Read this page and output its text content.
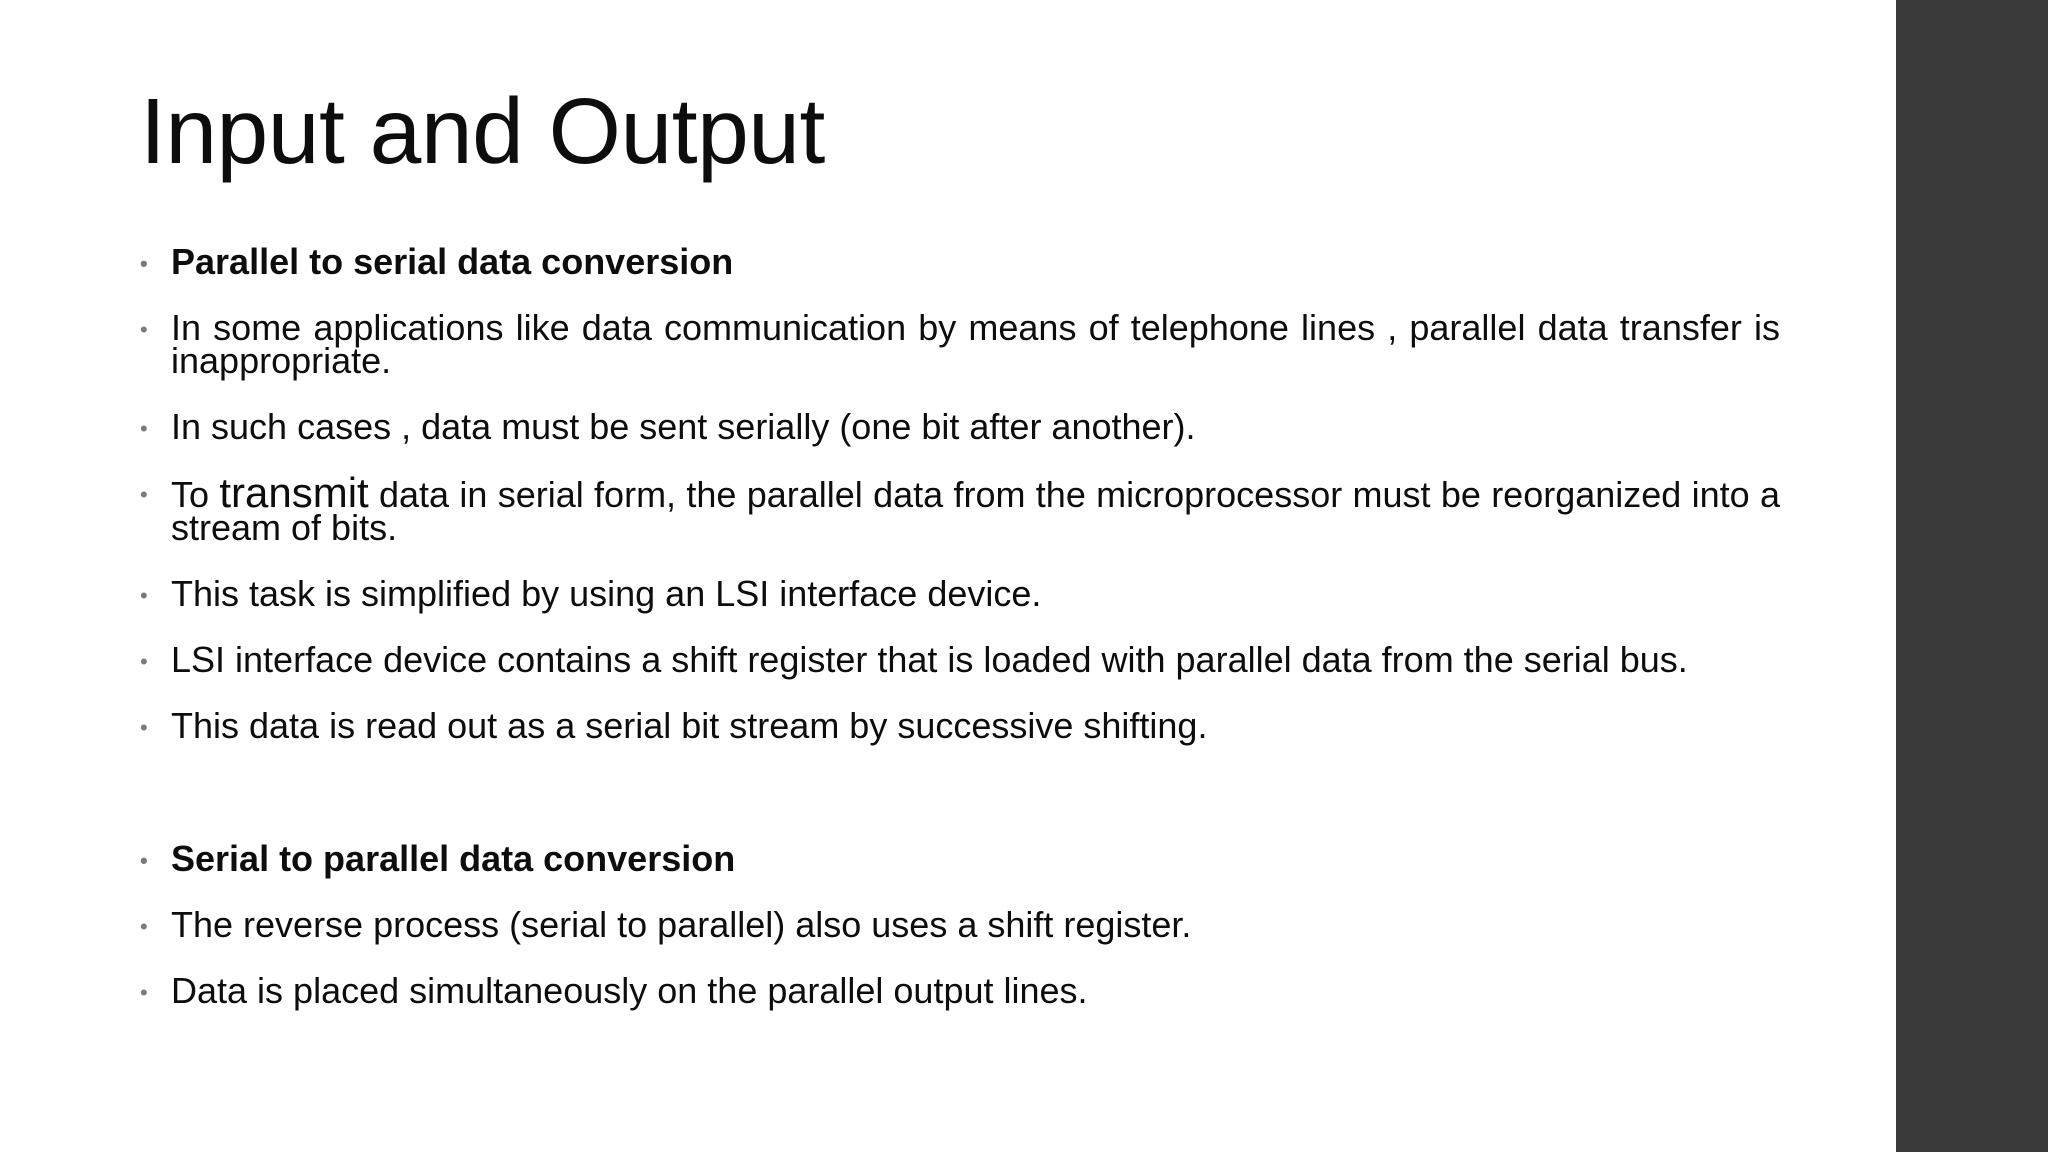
Input and Output
• Parallel to serial data conversion
• In some applications like data communication by means of telephone lines , parallel data transfer is inappropriate.
• In such cases , data must be sent serially (one bit after another).
• To transmit data in serial form, the parallel data from the microprocessor must be reorganized into a stream of bits.
• This task is simplified by using an LSI interface device.
• LSI interface device contains a shift register that is loaded with parallel data from the serial bus.
• This data is read out as a serial bit stream by successive shifting.
• Serial to parallel data conversion
• The reverse process (serial to parallel) also uses a shift register.
• Data is placed simultaneously on the parallel output lines.
